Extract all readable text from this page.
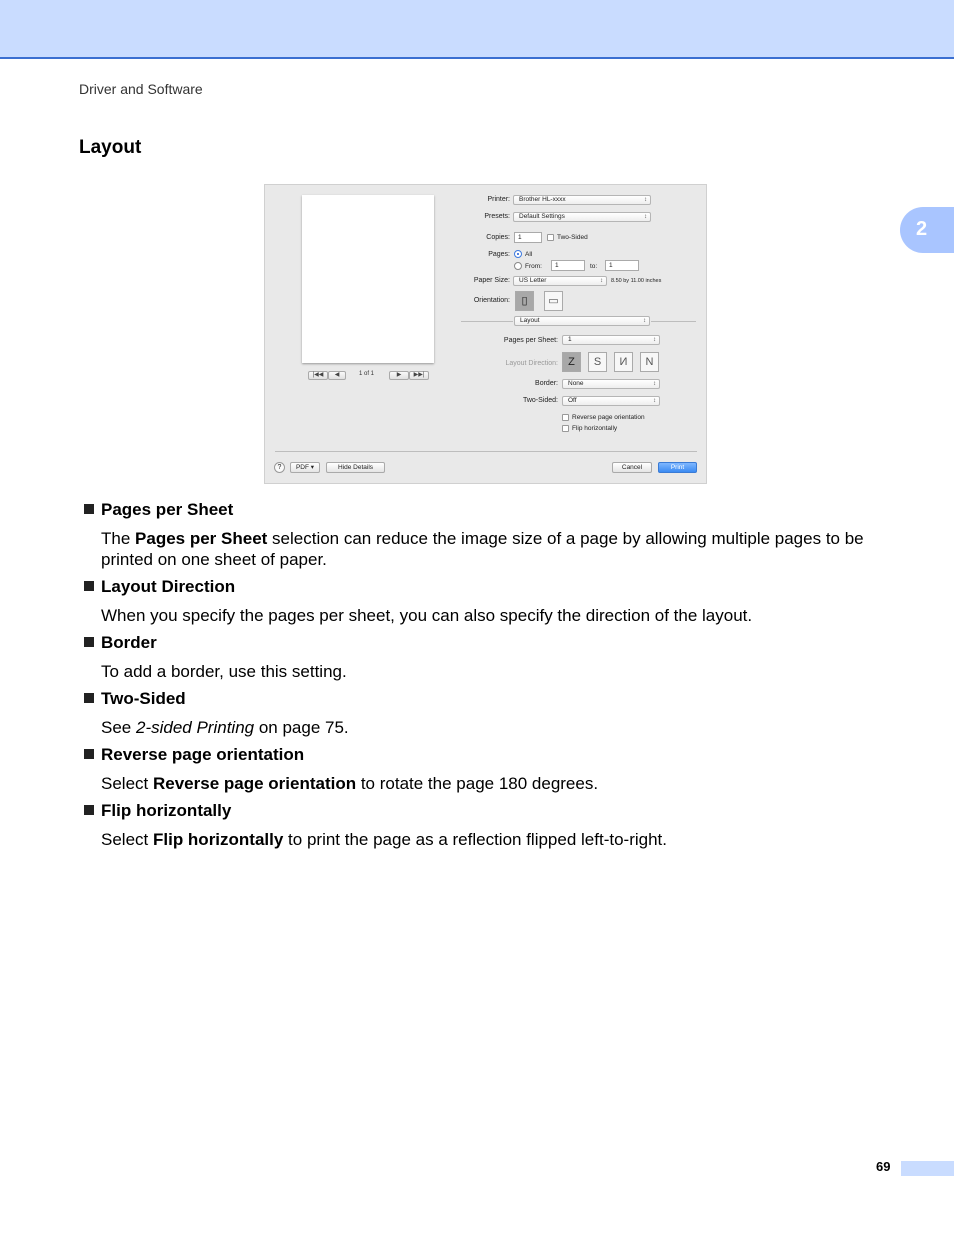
Driver and Software
2
Layout
|◀◀	◀	1 of 1	▶	▶▶|
Printer:	Brother HL-xxxx ↕
Presets:	Default Settings ↕
Copies:	1	Two-Sided
Pages: All
From:	1	to:	1
Paper Size:	US Letter ↕	8.50 by 11.00 inches
Orientation:	▯	▭
Layout ↕
Pages per Sheet:	1 ↕
Layout Direction: Z	S	И	N
Border:	None ↕
Two-Sided:	Off ↕
Reverse page orientation
Flip horizontally
?	PDF ▾	Hide Details	Cancel	Print
Pages per Sheet
The Pages per Sheet selection can reduce the image size of a page by allowing multiple pages to be printed on one sheet of paper.
Layout Direction
When you specify the pages per sheet, you can also specify the direction of the layout.
Border
To add a border, use this setting.
Two-Sided
See 2-sided Printing on page 75.
Reverse page orientation
Select Reverse page orientation to rotate the page 180 degrees.
Flip horizontally
Select Flip horizontally to print the page as a reflection flipped left-to-right.
69
